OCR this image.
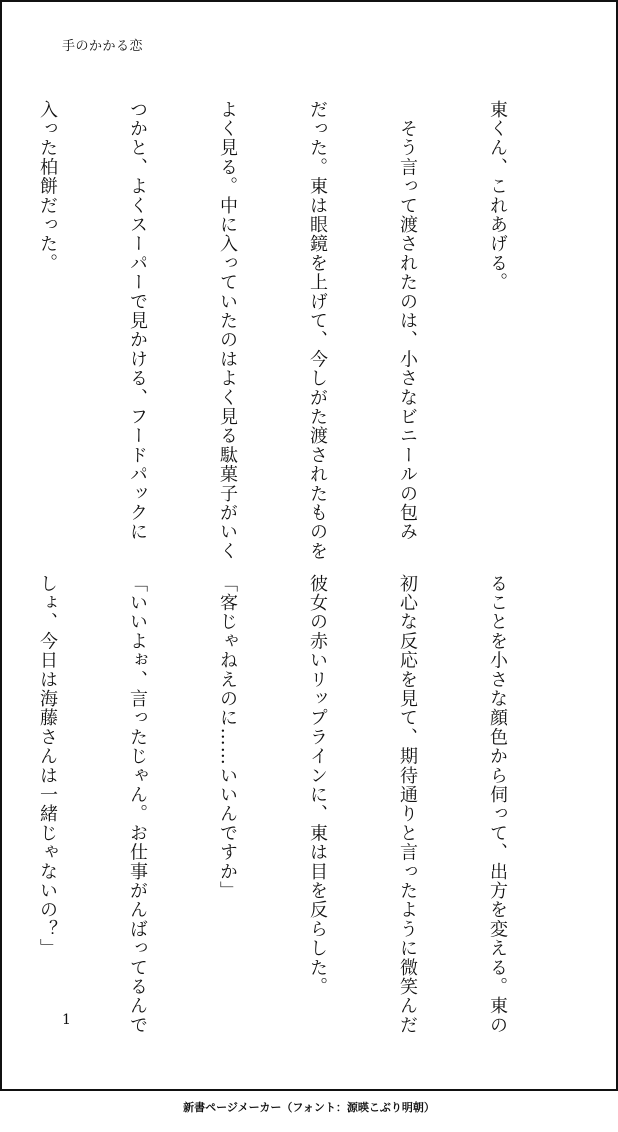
手のかかる恋

東くん、これあげる。

　そう言って渡されたのは、小さなビニールの包み

だった。東は眼鏡を上げて、今しがた渡されたものを

よく見る。中に入っていたのはよく見る駄菓子がいく

つかと、よくスーパーで見かける、フードパックに

入った柏餅だった。

ることを小さな顔色から伺って、出方を変える。東の

初心な反応を見て、期待通りと言ったように微笑んだ

彼女の赤いリップラインに、東は目を反らした。

「客じゃねえのに……いいんですか」

「いいよぉ、言ったじゃん。お仕事がんばってるんで

しょ、今日は海藤さんは一緒じゃないの？」

1
新書ページメーカー（フォント：源暎こぶり明朝）
